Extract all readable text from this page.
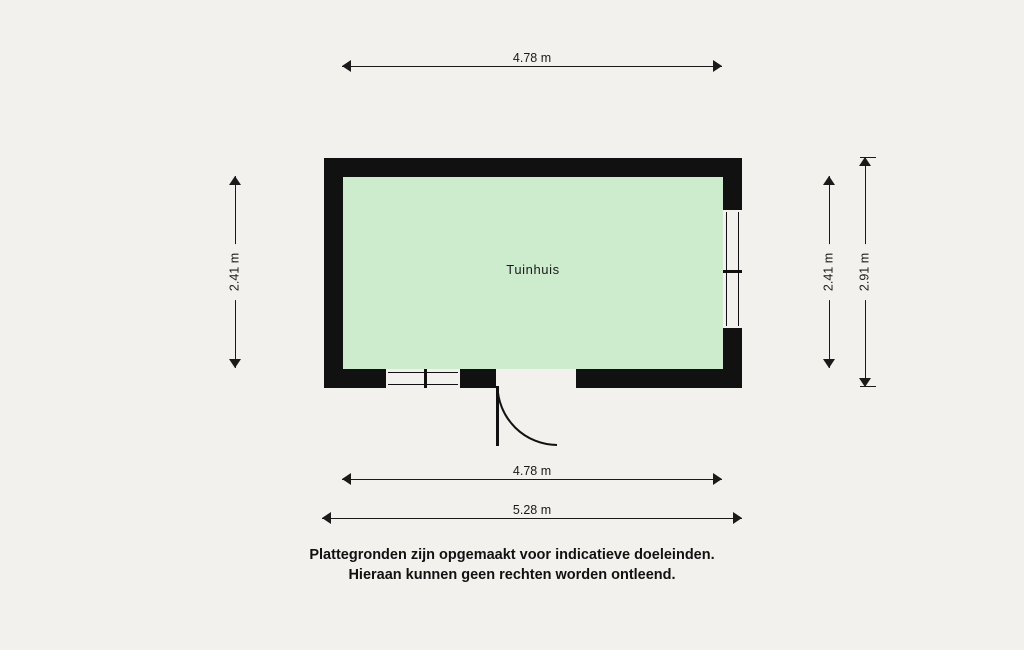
4.78 m
2.41 m	2.41 m 2.91 m
Tuinhuis
4.78 m
5.28 m
Plattegronden zijn opgemaakt voor indicatieve doeleinden.
Hieraan kunnen geen rechten worden ontleend.
